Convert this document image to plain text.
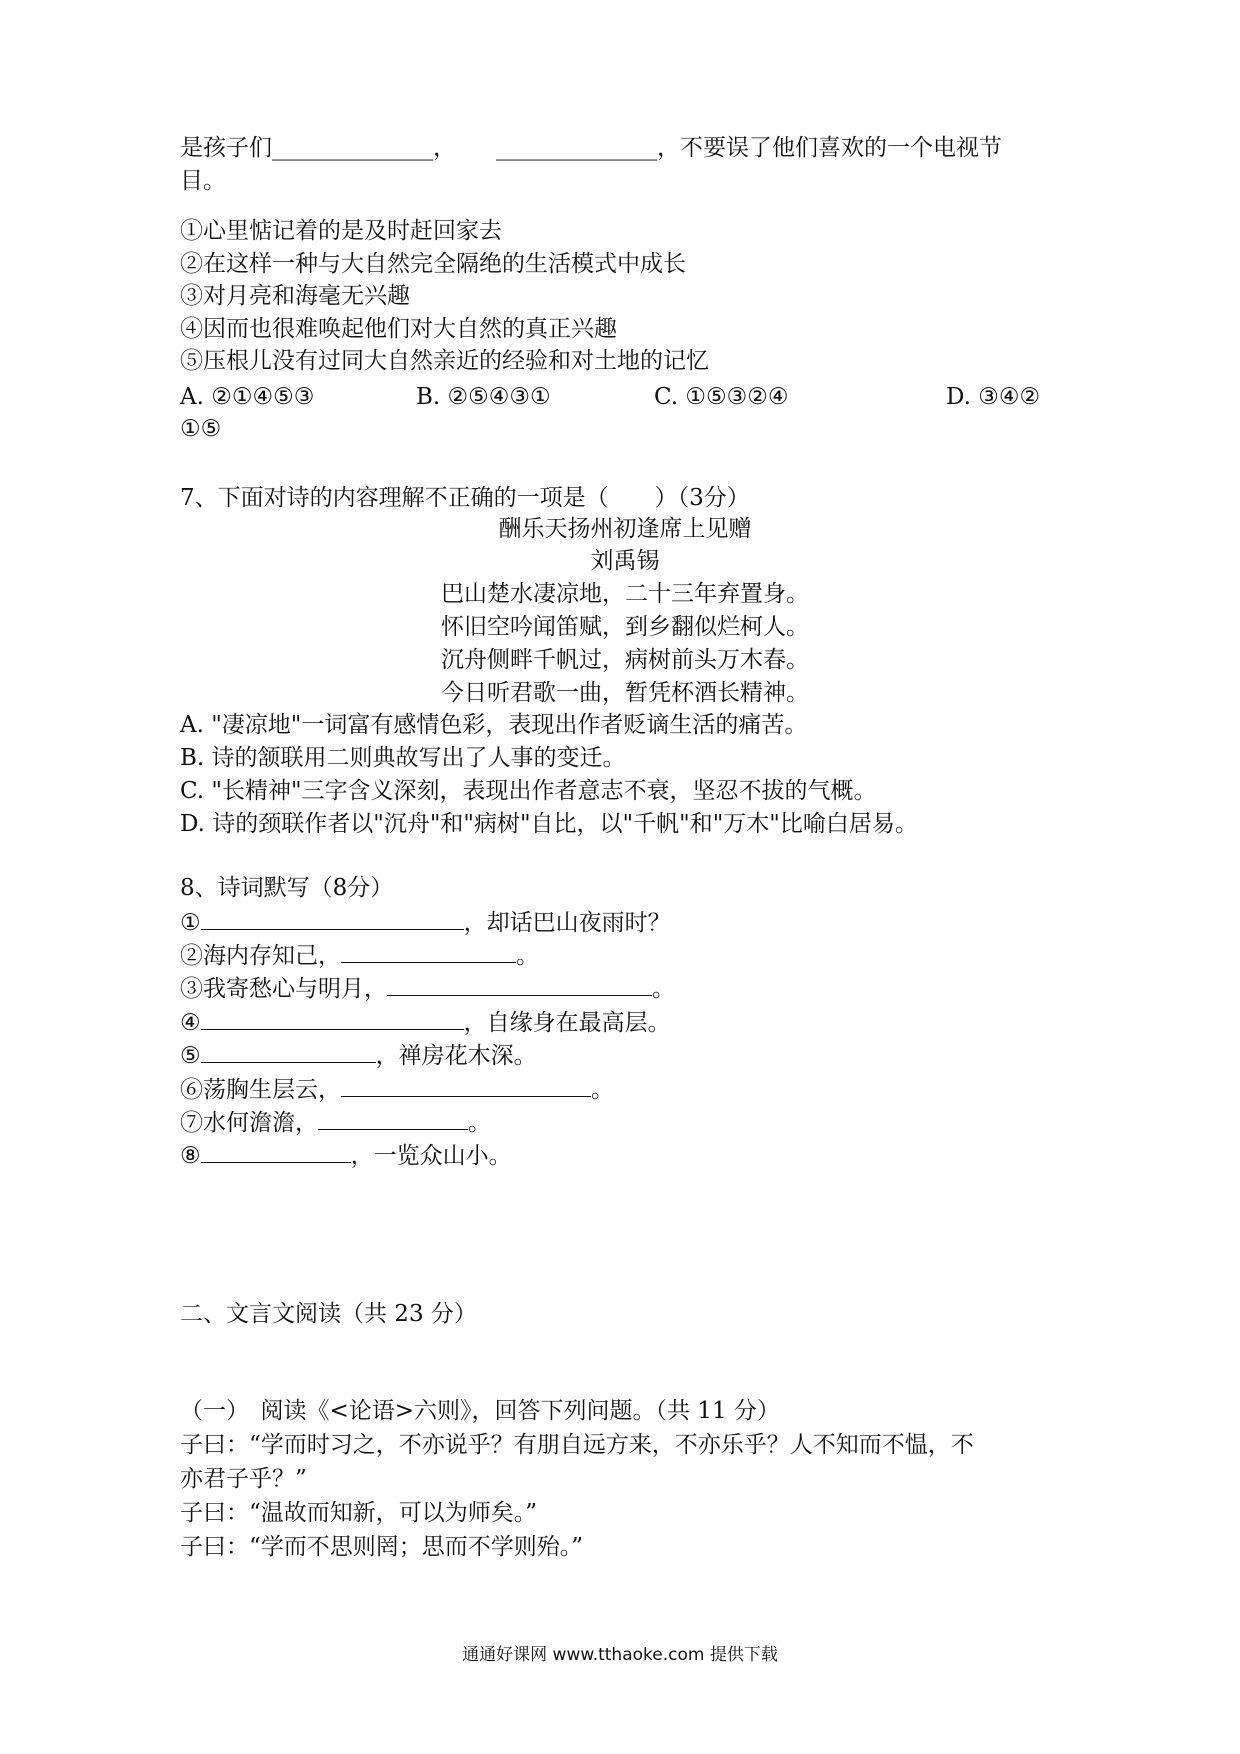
是孩子们______________， ______________，不要误了他们喜欢的一个电视节
目。
①心里惦记着的是及时赶回家去
②在这样一种与大自然完全隔绝的生活模式中成长
③对月亮和海毫无兴趣
④因而也很难唤起他们对大自然的真正兴趣
⑤压根儿没有过同大自然亲近的经验和对土地的记忆
A. ②①④⑤③	B. ②⑤④③①	C. ①⑤③②④	D. ③④②
①⑤
7、下面对诗的内容理解不正确的一项是（　　）（3分）
酬乐天扬州初逢席上见赠
刘禹锡
巴山楚水凄凉地，二十三年弃置身。
怀旧空吟闻笛赋，到乡翻似烂柯人。
沉舟侧畔千帆过，病树前头万木春。
今日听君歌一曲，暂凭杯酒长精神。
A. "凄凉地"一词富有感情色彩，表现出作者贬谪生活的痛苦。
B. 诗的颔联用二则典故写出了人事的变迁。
C. "长精神"三字含义深刻，表现出作者意志不衰，坚忍不拔的气概。
D. 诗的颈联作者以"沉舟"和"病树"自比，以"千帆"和"万木"比喻白居易。
8、诗词默写（8分）
①	，却话巴山夜雨时？
②海内存知己，	。
③我寄愁心与明月，	。
④	，自缘身在最高层。
⑤	，禅房花木深。
⑥荡胸生层云，	。
⑦水何澹澹，	。
⑧	，一览众山小。
二、文言文阅读（共 23 分）
（一）　阅读《<论语>六则》，回答下列问题。（共 11 分）
子曰：“学而时习之，不亦说乎？有朋自远方来，不亦乐乎？人不知而不愠，不
亦君子乎？”
子曰：“温故而知新，可以为师矣。”
子曰：“学而不思则罔；思而不学则殆。”
通通好课网 www.tthaoke.com 提供下载
